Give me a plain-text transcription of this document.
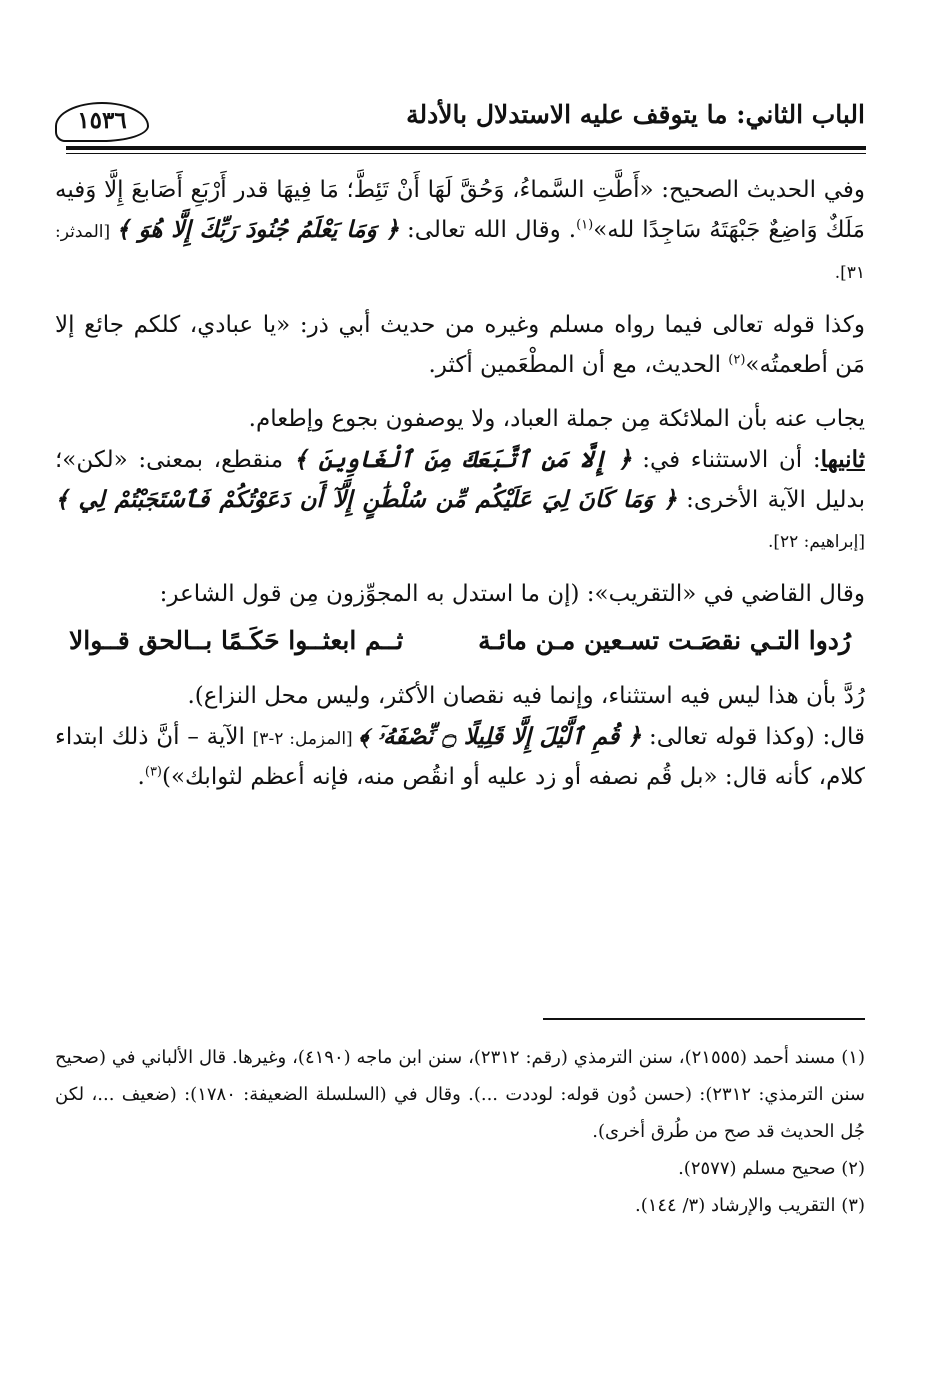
الباب الثاني: ما يتوقف عليه الاستدلال بالأدلة
١٥٣٦

وفي الحديث الصحيح: «أَطَّتِ السَّماءُ، وَحُقَّ لَهَا أَنْ تَئِطَّ؛ مَا فِيهَا قدر أَرْبَعِ أَصَابعَ إِلَّا وَفيه مَلَكٌ وَاضِعٌ جَبْهَتَهُ سَاجِدًا لله»$^{(١)}$. وقال الله تعالى: ﴿ وَمَا يَعْلَمُ جُنُودَ رَبِّكَ إِلَّا هُوَ ﴾ [المدثر: ٣١].

وكذا قوله تعالى فيما رواه مسلم وغيره من حديث أبي ذر: «يا عبادي، كلكم جائع إلا مَن أطعمتُه»$^{(٢)}$ الحديث، مع أن المطْعَمين أكثر.

يجاب عنه بأن الملائكة مِن جملة العباد، ولا يوصفون بجوع وإطعام.

ثانيها: أن الاستثناء في: ﴿ إِلَّا مَنِ ٱتَّبَعَكَ مِنَ ٱلْغَاوِينَ ﴾ منقطع، بمعنى: «لكن»؛ بدليل الآية الأخرى: ﴿ وَمَا كَانَ لِيَ عَلَيْكُم مِّن سُلْطَٰنٍ إِلَّآ أَن دَعَوْتُكُمْ فَٱسْتَجَبْتُمْ لِي ﴾ [إبراهيم: ٢٢].

وقال القاضي في «التقريب»: (إن ما استدل به المجوِّزون مِن قول الشاعر:

رُدوا التـي نقصَـت تسـعين مـن مائـة
ثــم ابعثــوا حَكَـمًا بــالحق قــوالا

رُدَّ بأن هذا ليس فيه استثناء، وإنما فيه نقصان الأكثر، وليس محل النزاع).

قال: (وكذا قوله تعالى: ﴿ قُمِ ٱلَّيْلَ إِلَّا قَلِيلًا ۝ نِّصْفَهُۥٓ ﴾ [المزمل: ٢-٣] الآية – أنَّ ذلك ابتداء كلام، كأنه قال: «بل قُم نصفه أو زد عليه أو انقُص منه، فإنه أعظم لثوابك»)$^{(٣)}$.

(١) مسند أحمد (٢١٥٥٥)، سنن الترمذي (رقم: ٢٣١٢)، سنن ابن ماجه (٤١٩٠)، وغيرها. قال الألباني في (صحيح سنن الترمذي: ٢٣١٢): (حسن دُون قوله: لوددت ...). وقال في (السلسلة الضعيفة: ١٧٨٠): (ضعيف ...، لكن جُل الحديث قد صح من طُرق أخرى).

(٢) صحيح مسلم (٢٥٧٧).

(٣) التقريب والإرشاد (٣/ ١٤٤).
